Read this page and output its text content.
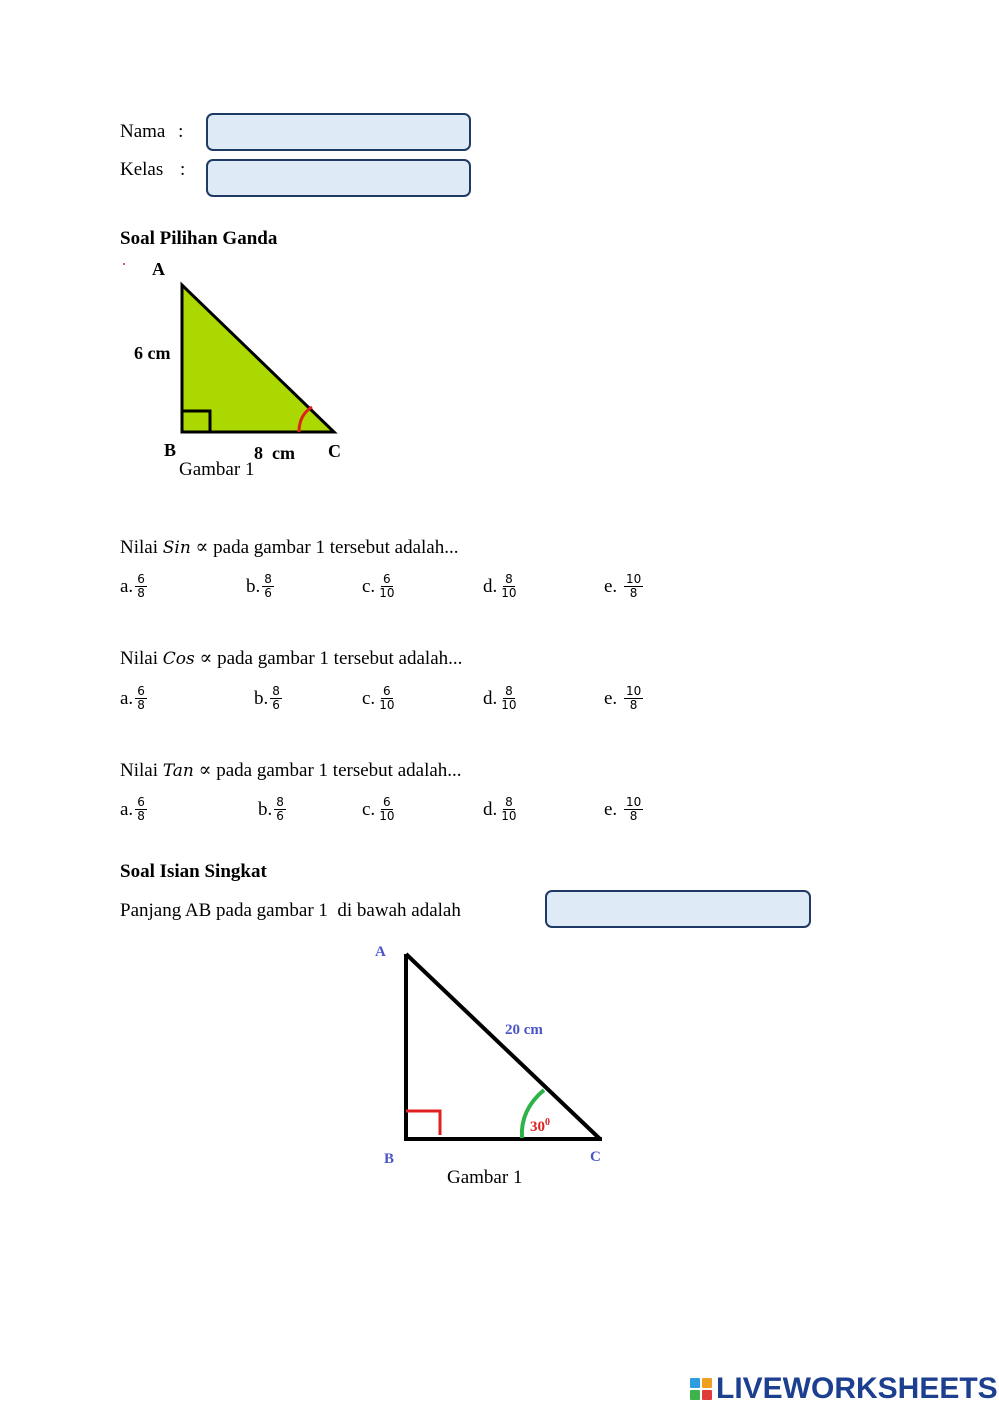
Nama :
Kelas :
Soal Pilihan Ganda
A
6 cm
B	8  cm C
Gambar 1
Nilai Sin ∝ pada gambar 1 tersebut adalah...
a. $\frac{6}{8}$	b. $\frac{8}{6}$	c. $\frac{6}{10}$	d. $\frac{8}{10}$	e. $\frac{10}{8}$
Nilai Cos ∝ pada gambar 1 tersebut adalah...
a. $\frac{6}{8}$	b. $\frac{8}{6}$	c. $\frac{6}{10}$	d. $\frac{8}{10}$	e. $\frac{10}{8}$
Nilai Tan ∝ pada gambar 1 tersebut adalah...
a. $\frac{6}{8}$	b. $\frac{8}{6}$	c. $\frac{6}{10}$	d. $\frac{8}{10}$	e. $\frac{10}{8}$
Soal Isian Singkat
Panjang AB pada gambar 1  di bawah adalah
A
20 cm
$30^0$
B	C
Gambar 1
LIVEWORKSHEETS
